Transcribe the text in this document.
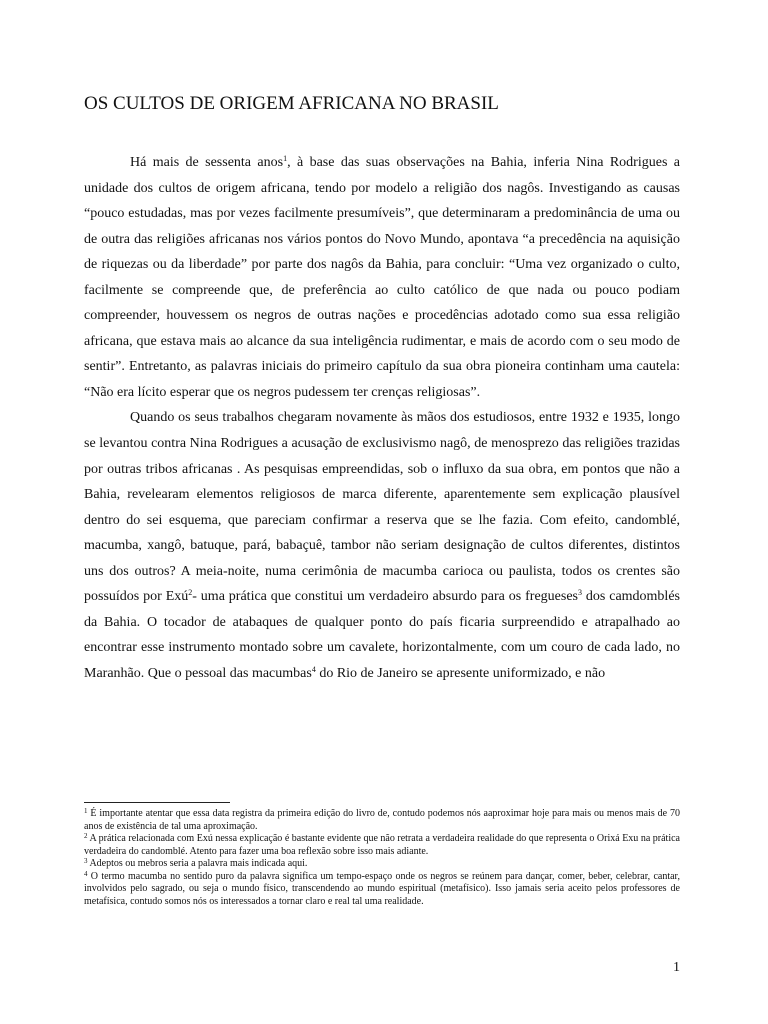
OS CULTOS DE ORIGEM AFRICANA NO BRASIL

Há mais de sessenta anos$^1$, à base das suas observações na Bahia, inferia Nina Rodrigues a unidade dos cultos de origem africana, tendo por modelo a religião dos nagôs. Investigando as causas “pouco estudadas, mas por vezes facilmente presumíveis”, que determinaram a predominância de uma ou de outra das religiões africanas nos vários pontos do Novo Mundo, apontava “a precedência na aquisição de riquezas ou da liberdade” por parte dos nagôs da Bahia, para concluir: “Uma vez organizado o culto, facilmente se compreende que, de preferência ao culto católico de que nada ou pouco podiam compreender, houvessem os negros de outras nações e procedências adotado como sua essa religião africana, que estava mais ao alcance da sua inteligência rudimentar, e mais de acordo com o seu modo de sentir”. Entretanto, as palavras iniciais do primeiro capítulo da sua obra pioneira continham uma cautela: “Não era lícito esperar que os negros pudessem ter crenças religiosas”.

Quando os seus trabalhos chegaram novamente às mãos dos estudiosos, entre 1932 e 1935, longo se levantou contra Nina Rodrigues a acusação de exclusivismo nagô, de menosprezo das religiões trazidas por outras tribos africanas . As pesquisas empreendidas, sob o influxo da sua obra, em pontos que não a Bahia, revelearam elementos religiosos de marca diferente, aparentemente sem explicação plausível dentro do sei esquema, que pareciam confirmar a reserva que se lhe fazia. Com efeito, candomblé, macumba, xangô, batuque, pará, babaçuê, tambor não seriam designação de cultos diferentes, distintos uns dos outros? A meia-noite, numa cerimônia de macumba carioca ou paulista, todos os crentes são possuídos por Exú$^2$- uma prática que constitui um verdadeiro absurdo para os fregueses$^3$ dos camdomblés da Bahia. O tocador de atabaques de qualquer ponto do país ficaria surpreendido e atrapalhado ao encontrar esse instrumento montado sobre um cavalete, horizontalmente, com um couro de cada lado, no Maranhão. Que o pessoal das macumbas$^4$ do Rio de Janeiro se apresente uniformizado, e não

$^1$ É importante atentar que essa data registra da primeira edição do livro de, contudo podemos nós aaproximar hoje para mais ou menos mais de 70 anos de existência de tal uma aproximação.

$^2$ A prática relacionada com Exú nessa explicação é bastante evidente que não retrata a verdadeira realidade do que representa o Orixá Exu na prática verdadeira do candomblé. Atento para fazer uma boa reflexão sobre isso mais adiante.

$^3$ Adeptos ou mebros seria a palavra mais indicada aqui.

$^4$ O termo macumba no sentido puro da palavra significa um tempo-espaço onde os negros se reúnem para dançar, comer, beber, celebrar, cantar, involvidos pelo sagrado, ou seja o mundo físico, transcendendo ao mundo espiritual (metafísico). Isso jamais seria aceito pelos professores de metafísica, contudo somos nós os interessados a tornar claro e real tal uma realidade.

1
